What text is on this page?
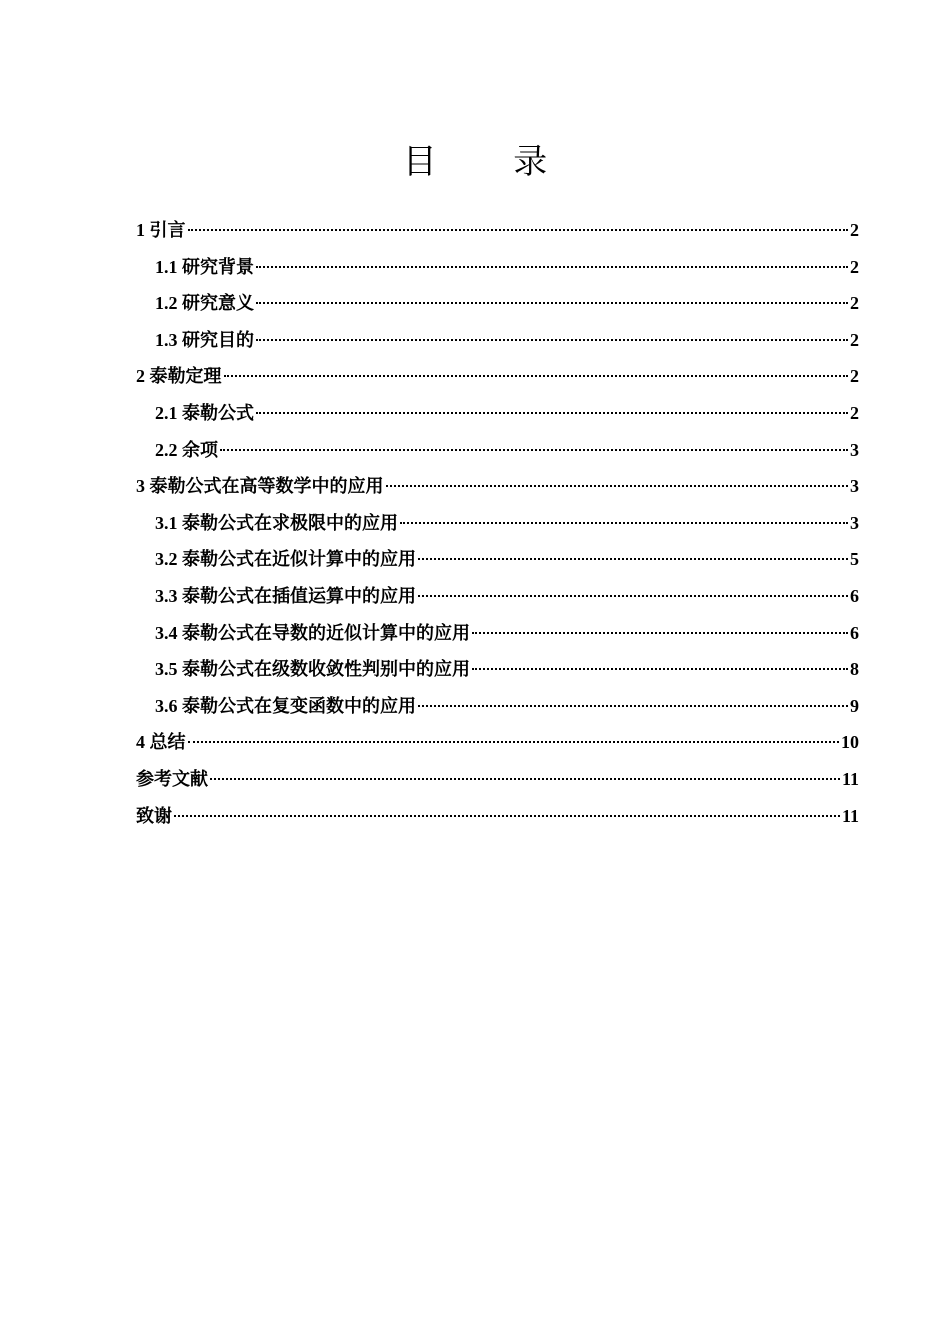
目 录
1 引言	2
1.1 研究背景	2
1.2 研究意义	2
1.3 研究目的	2
2 泰勒定理	2
2.1 泰勒公式	2
2.2 余项	3
3 泰勒公式在高等数学中的应用	3
3.1 泰勒公式在求极限中的应用	3
3.2 泰勒公式在近似计算中的应用	5
3.3 泰勒公式在插值运算中的应用	6
3.4 泰勒公式在导数的近似计算中的应用	6
3.5 泰勒公式在级数收敛性判别中的应用	8
3.6 泰勒公式在复变函数中的应用	9
4 总结	10
参考文献	11
致谢	11
